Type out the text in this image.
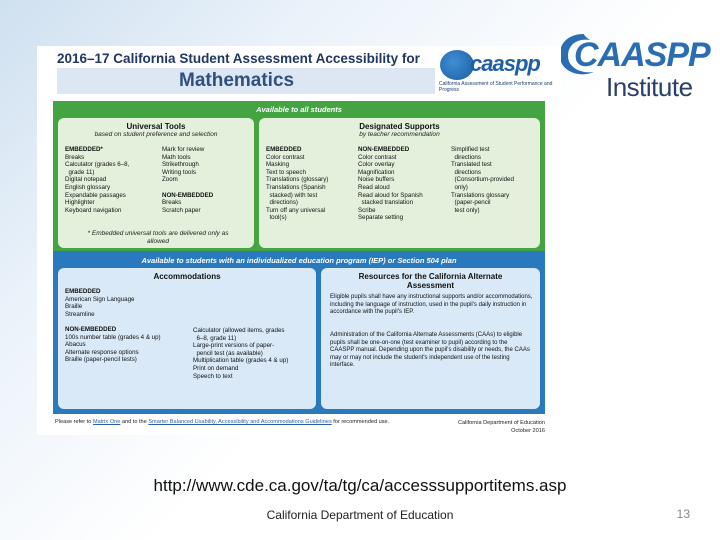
CAASPP
Institute
2016–17 California Student Assessment Accessibility for
Mathematics
caaspp
California Assessment of Student Performance and Progress
Available to all students
Universal Tools
based on student preference and selection
EMBEDDED*
Breaks
Calculator (grades 6–8,
grade 11)
Digital notepad
English glossary
Expandable passages
Highlighter
Keyboard navigation
Mark for review
Math tools
Strikethrough
Writing tools
Zoom

NON-EMBEDDED
Breaks
Scratch paper
* Embedded universal tools are delivered only as allowed
Designated Supports
by teacher recommendation
EMBEDDED
Color contrast
Masking
Text to speech
Translations (glossary)
Translations (Spanish
stacked) with test
directions)
Turn off any universal
tool(s)
NON-EMBEDDED
Color contrast
Color overlay
Magnification
Noise buffers
Read aloud
Read aloud for Spanish
stacked translation
Scribe
Separate setting
Simplified test
directions
Translated test
directions
(Consortium-provided
only)
Translations glossary
(paper-pencil
test only)
Available to students with an individualized education program (IEP) or Section 504 plan
Accommodations
EMBEDDED
American Sign Language
Braille
Streamline

NON-EMBEDDED
100s number table (grades 4 & up)
Abacus
Alternate response options
Braille (paper-pencil tests)
Calculator (allowed items, grades
6–8, grade 11)
Large-print versions of paper-
pencil test (as available)
Multiplication table (grades 4 & up)
Print on demand
Speech to text
Resources for the California Alternate Assessment
Eligible pupils shall have any instructional supports and/or accommodations, including the language of instruction, used in the pupil's daily instruction in accordance with the pupil's IEP.
Administration of the California Alternate Assessments (CAAs) to eligible pupils shall be one-on-one (test examiner to pupil) according to the CAASPP manual. Depending upon the pupil's disability or needs, the CAAs may or may not include the student's independent use of the testing interface.
Please refer to Matrix One and to the Smarter Balanced Usability, Accessibility and Accommodations Guidelines for recommended use.	California Department of Education
October 2016
http://www.cde.ca.gov/ta/tg/ca/accesssupportitems.asp
California Department of Education	13
